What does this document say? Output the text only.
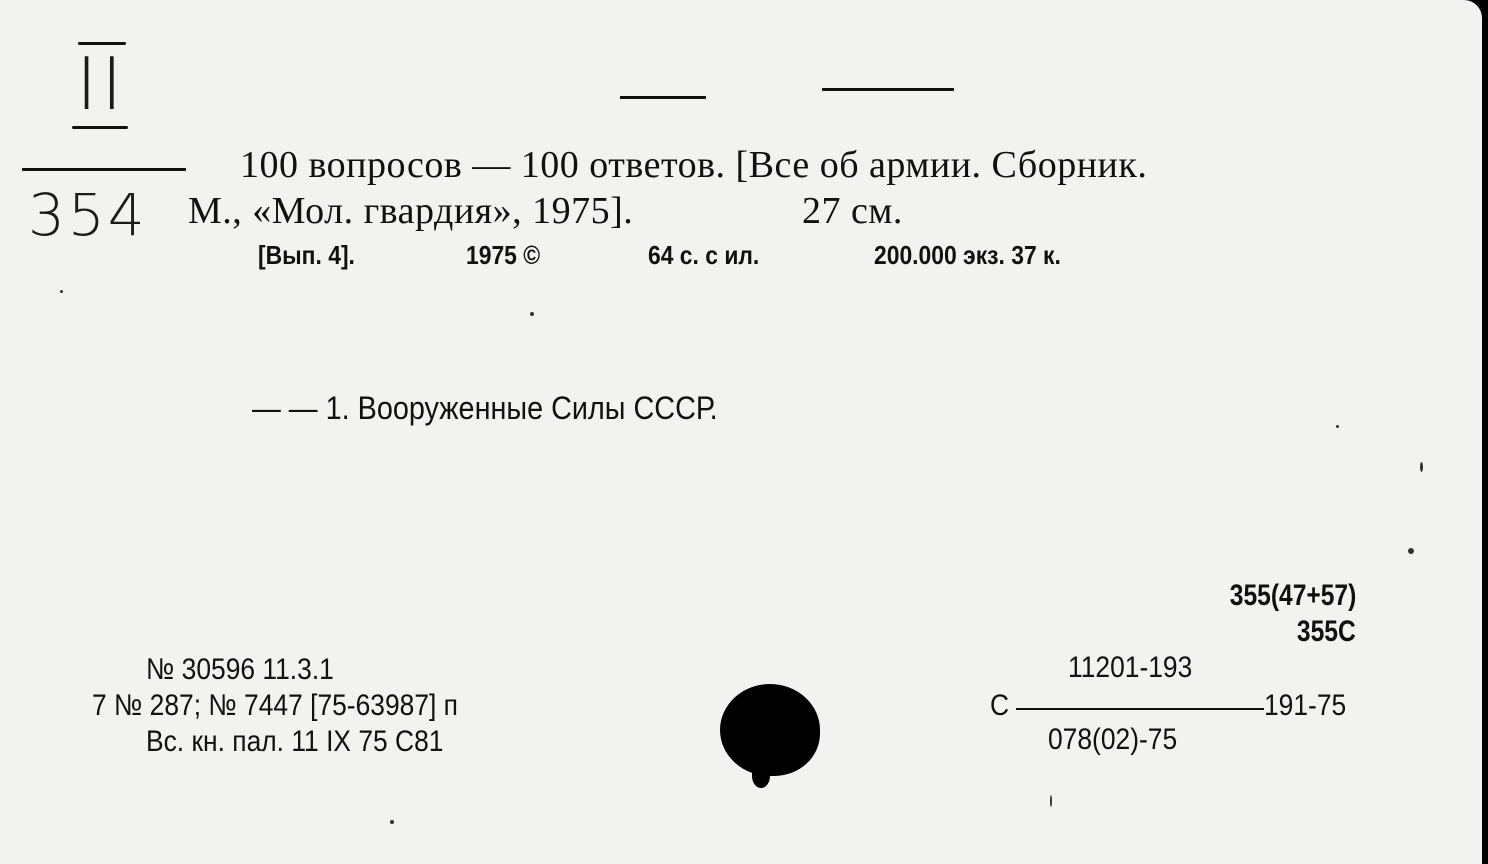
II
354
100 вопросов — 100 ответов. [Все об армии. Сборник.
М., «Мол. гвардия», 1975].	27 см.
[Вып. 4].	1975 ©	64 с. с ил.	200.000 экз. 37 к.
— — 1. Вооруженные Силы СССР.
№ 30596 11.3.1
7 № 287; № 7447 [75-63987] п
Вс. кн. пал. 11 IX 75 С81
355(47+57)
355С
11201-193
С	191-75
078(02)-75
